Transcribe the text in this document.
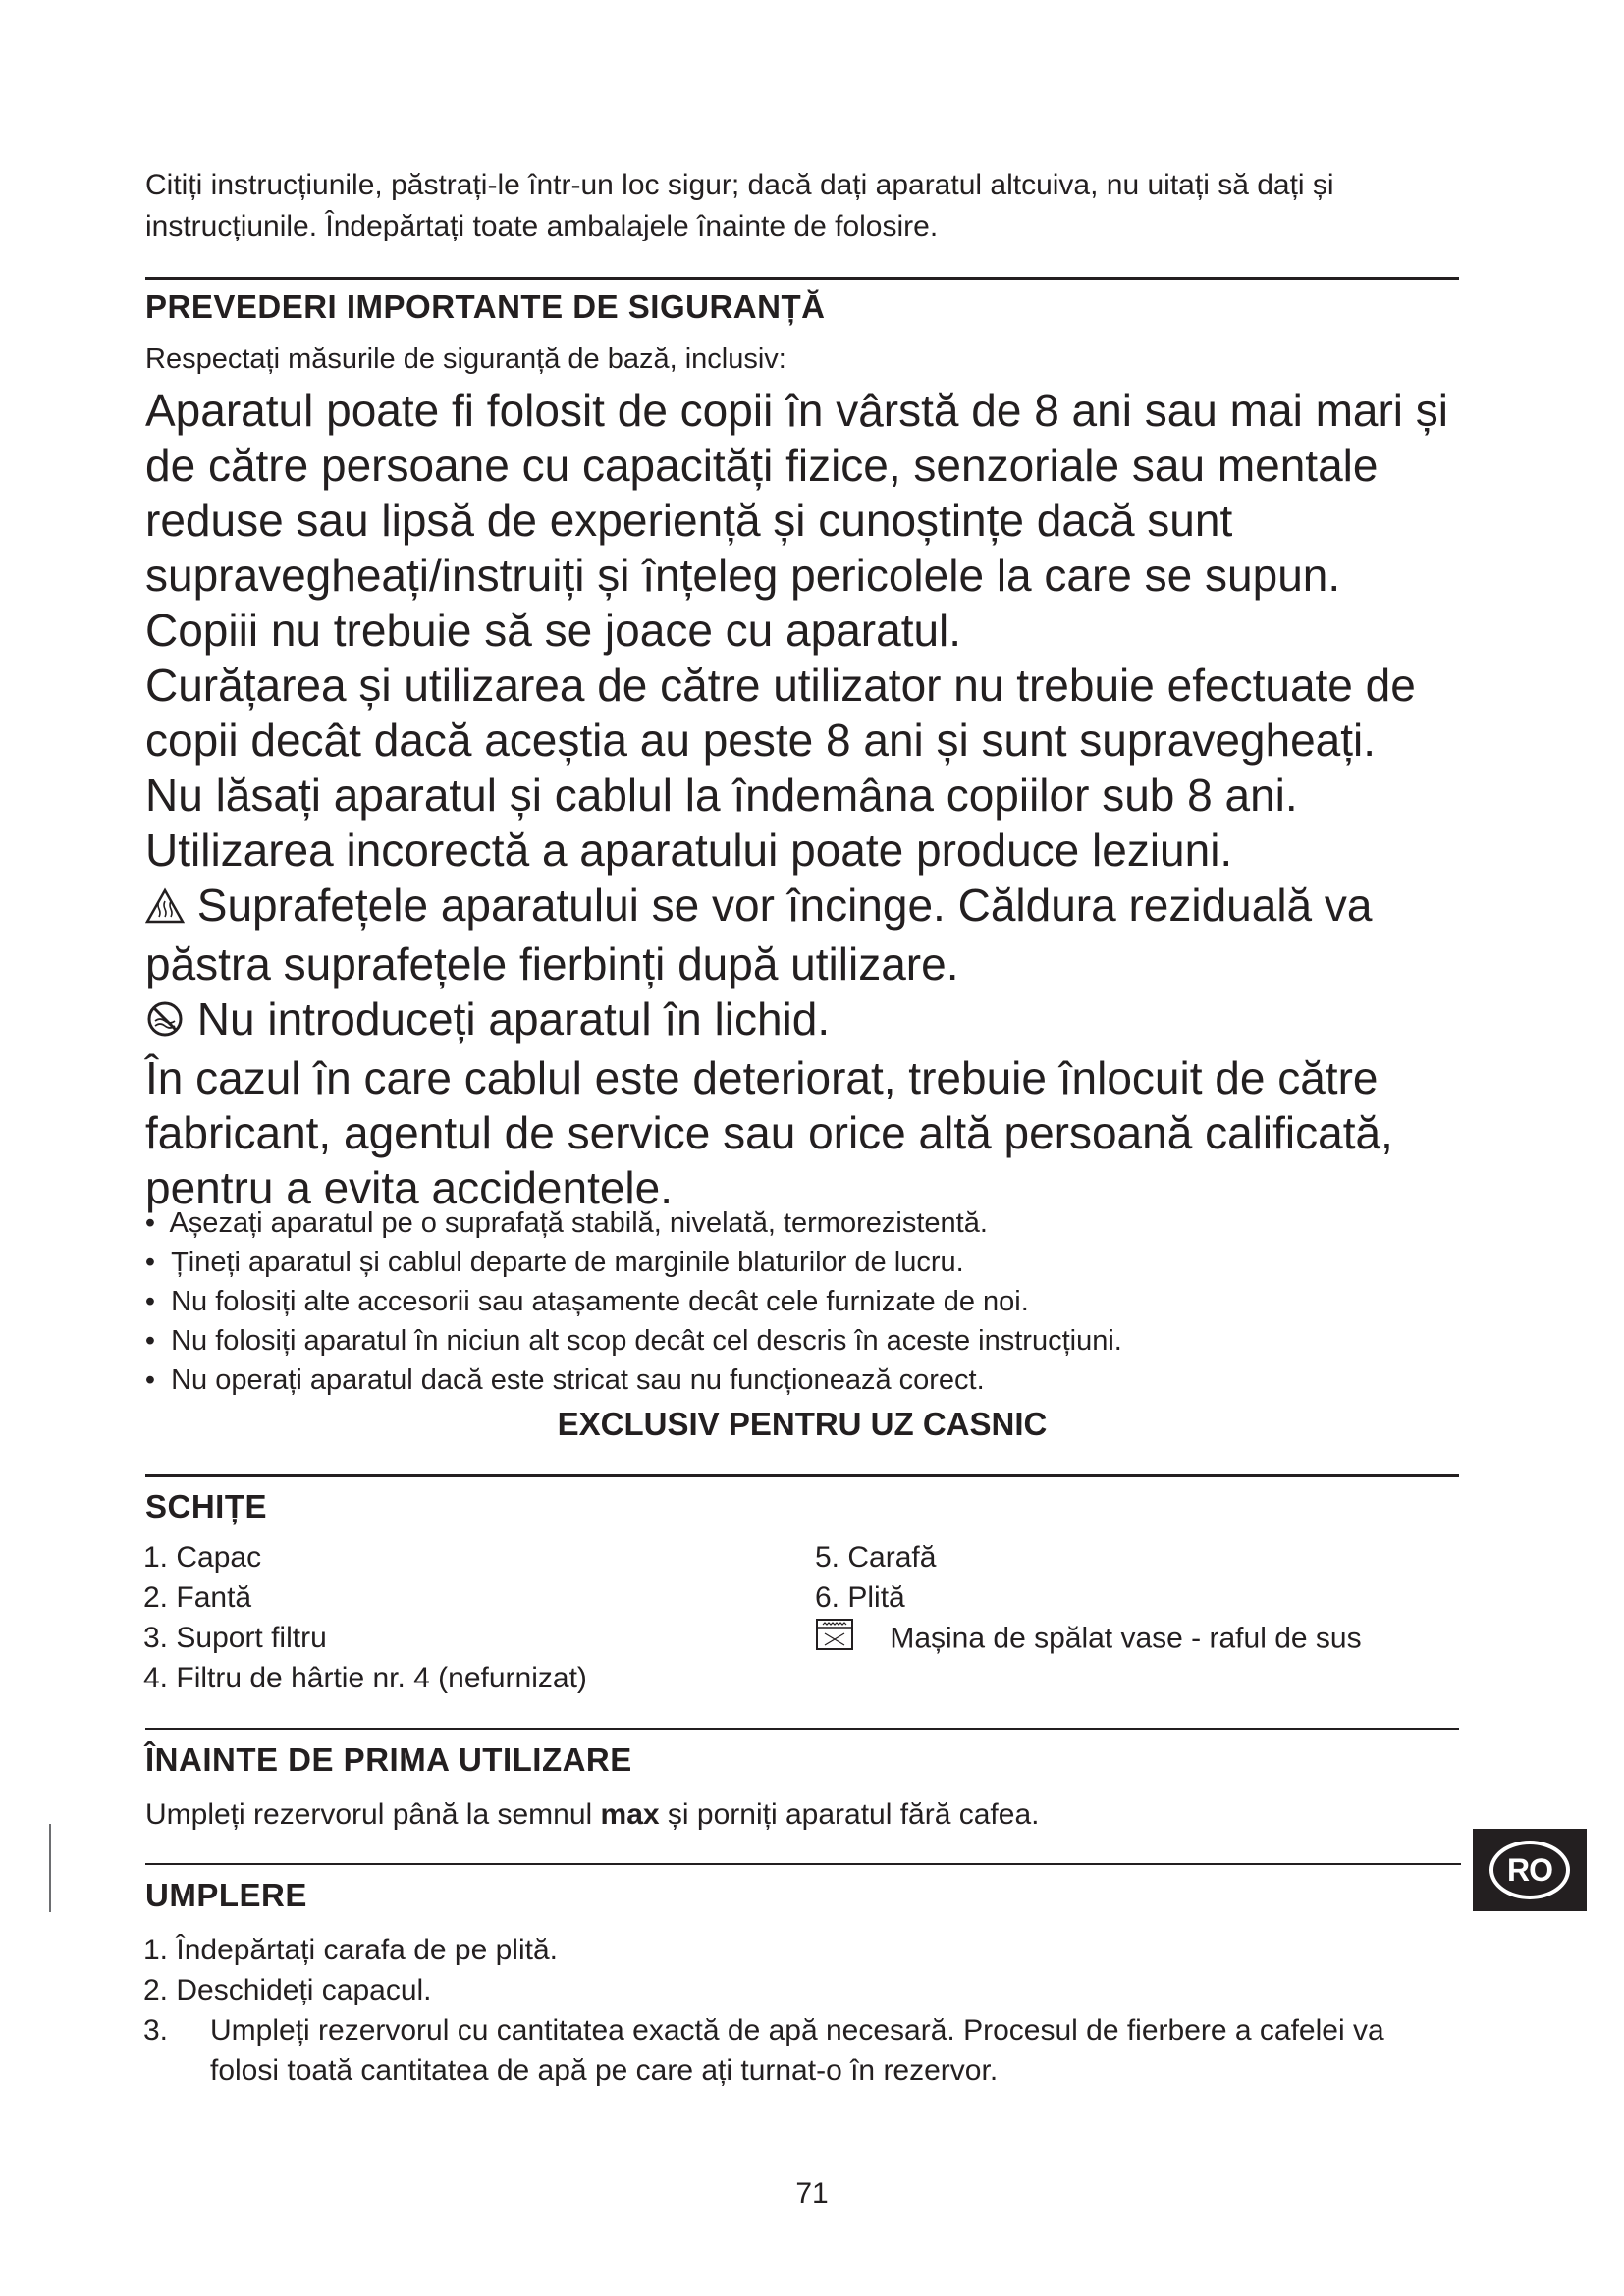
Citiți instrucțiunile, păstrați-le într-un loc sigur; dacă dați aparatul altcuiva, nu uitați să dați și instrucțiunile. Îndepărtați toate ambalajele înainte de folosire.
PREVEDERI IMPORTANTE DE SIGURANȚĂ
Respectați măsurile de siguranță de bază, inclusiv:

Aparatul poate fi folosit de copii în vârstă de 8 ani sau mai mari și

de către persoane cu capacități fizice, senzoriale sau mentale

reduse sau lipsă de experiență și cunoștințe dacă sunt

supravegheați/instruiți și înțeleg pericolele la care se supun.

Copiii nu trebuie să se joace cu aparatul.

Curățarea și utilizarea de către utilizator nu trebuie efectuate de

copii decât dacă aceștia au peste 8 ani și sunt supravegheați.

Nu lăsați aparatul și cablul la îndemâna copiilor sub 8 ani.

Utilizarea incorectă a aparatului poate produce leziuni.

Suprafețele aparatului se vor încinge. Căldura reziduală va

păstra suprafețele fierbinți după utilizare.

Nu introduceți aparatul în lichid.

În cazul în care cablul este deteriorat, trebuie înlocuit de către

fabricant, agentul de service sau orice altă persoană calificată,

pentru a evita accidentele.

• Așezați aparatul pe o suprafață stabilă, nivelată, termorezistentă.
• Țineți aparatul și cablul departe de marginile blaturilor de lucru.
• Nu folosiți alte accesorii sau atașamente decât cele furnizate de noi.
• Nu folosiți aparatul în niciun alt scop decât cel descris în aceste instrucțiuni.
• Nu operați aparatul dacă este stricat sau nu funcționează corect.
EXCLUSIV PENTRU UZ CASNIC
SCHIȚE
1. Capac
2. Fantă
3. Suport filtru
4. Filtru de hârtie nr. 4 (nefurnizat)
5. Carafă
6. Plită
Mașina de spălat vase - raful de sus
ÎNAINTE DE PRIMA UTILIZARE
Umpleți rezervorul până la semnul max și porniți aparatul fără cafea.
UMPLERE
1. Îndepărtați carafa de pe plită.
2. Deschideți capacul.
3. Umpleți rezervorul cu cantitatea exactă de apă necesară. Procesul de fierbere a cafelei va
folosi toată cantitatea de apă pe care ați turnat-o în rezervor.
RO
71
